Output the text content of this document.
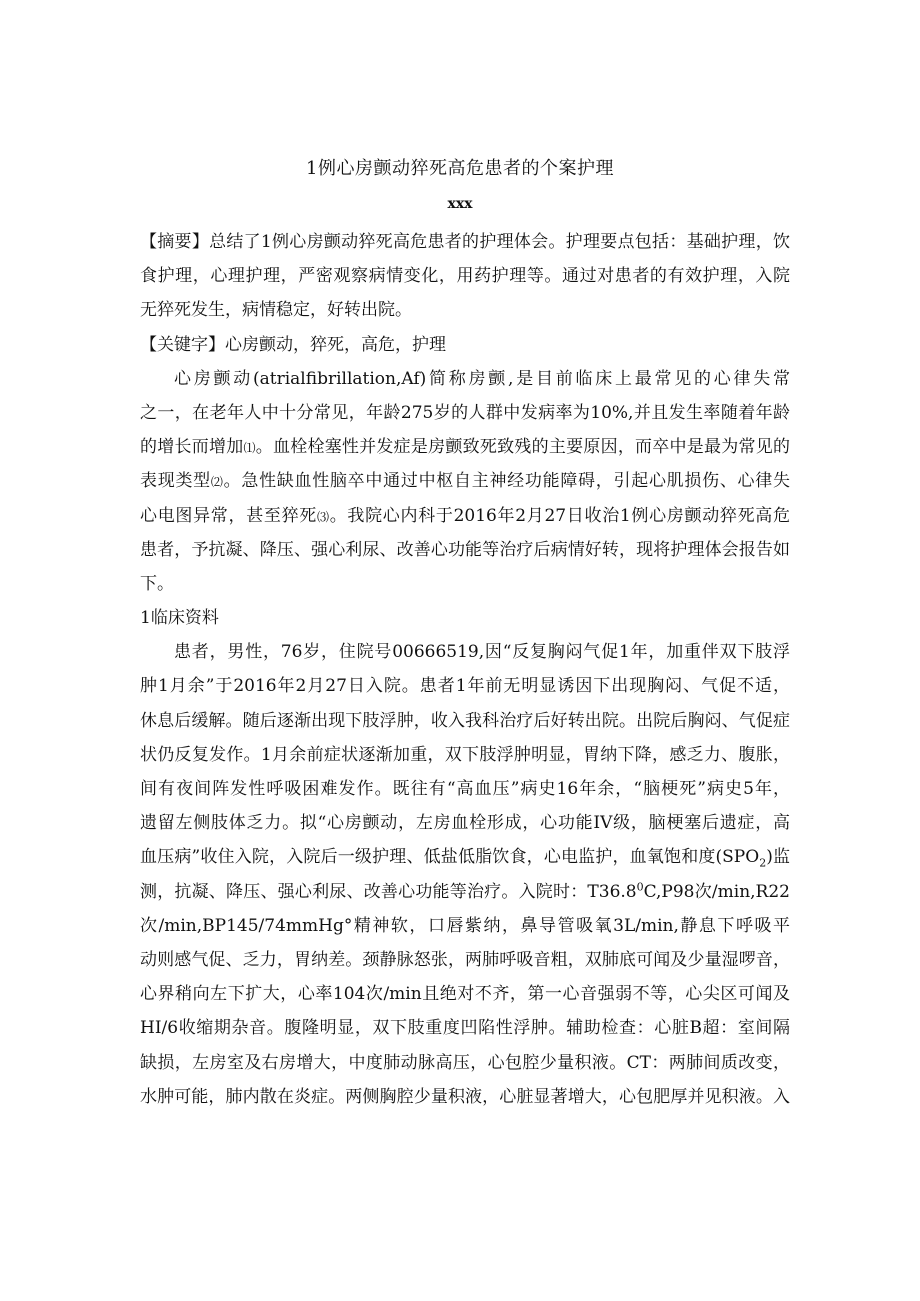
1例心房颤动猝死高危患者的个案护理
xxx
【摘要】总结了1例心房颤动猝死高危患者的护理体会。护理要点包括：基础护理，饮
食护理，心理护理，严密观察病情变化，用药护理等。通过对患者的有效护理，入院
无猝死发生，病情稳定，好转出院。
【关键字】心房颤动，猝死，高危，护理
心房颤动(atrialfibrillation,Af)简称房颤,是目前临床上最常见的心律失常
之一，在老年人中十分常见，年龄275岁的人群中发病率为10%,并且发生率随着年龄
的增长而增加⑴。血栓栓塞性并发症是房颤致死致残的主要原因，而卒中是最为常见的
表现类型⑵。急性缺血性脑卒中通过中枢自主神经功能障碍，引起心肌损伤、心律失
心电图异常，甚至猝死⑶。我院心内科于2016年2月27日收治1例心房颤动猝死高危
患者，予抗凝、降压、强心利尿、改善心功能等治疗后病情好转，现将护理体会报告如
下。
1临床资料
患者，男性，76岁，住院号00666519,因“反复胸闷气促1年，加重伴双下肢浮
肿1月余”于2016年2月27日入院。患者1年前无明显诱因下出现胸闷、气促不适，
休息后缓解。随后逐渐出现下肢浮肿，收入我科治疗后好转出院。出院后胸闷、气促症
状仍反复发作。1月余前症状逐渐加重，双下肢浮肿明显，胃纳下降，感乏力、腹胀，
间有夜间阵发性呼吸困难发作。既往有“高血压”病史16年余，“脑梗死”病史5年，
遗留左侧肢体乏力。拟“心房颤动，左房血栓形成，心功能IV级，脑梗塞后遗症，高
血压病”收住入院，入院后一级护理、低盐低脂饮食，心电监护，血氧饱和度$(SPO_2)$监
测，抗凝、降压、强心利尿、改善心功能等治疗。入院时：T36.8$^0$C,P98次/min,R22
次/min,BP145/74mmHg°精神软，口唇紫纳，鼻导管吸氧3L/min,静息下呼吸平
动则感气促、乏力，胃纳差。颈静脉怒张，两肺呼吸音粗，双肺底可闻及少量湿啰音，
心界稍向左下扩大，心率104次/min且绝对不齐，第一心音强弱不等，心尖区可闻及
HI/6收缩期杂音。腹隆明显，双下肢重度凹陷性浮肿。辅助检查：心脏B超：室间隔
缺损，左房室及右房增大，中度肺动脉高压，心包腔少量积液。CT：两肺间质改变，
水肿可能，肺内散在炎症。两侧胸腔少量积液，心脏显著增大，心包肥厚并见积液。入
